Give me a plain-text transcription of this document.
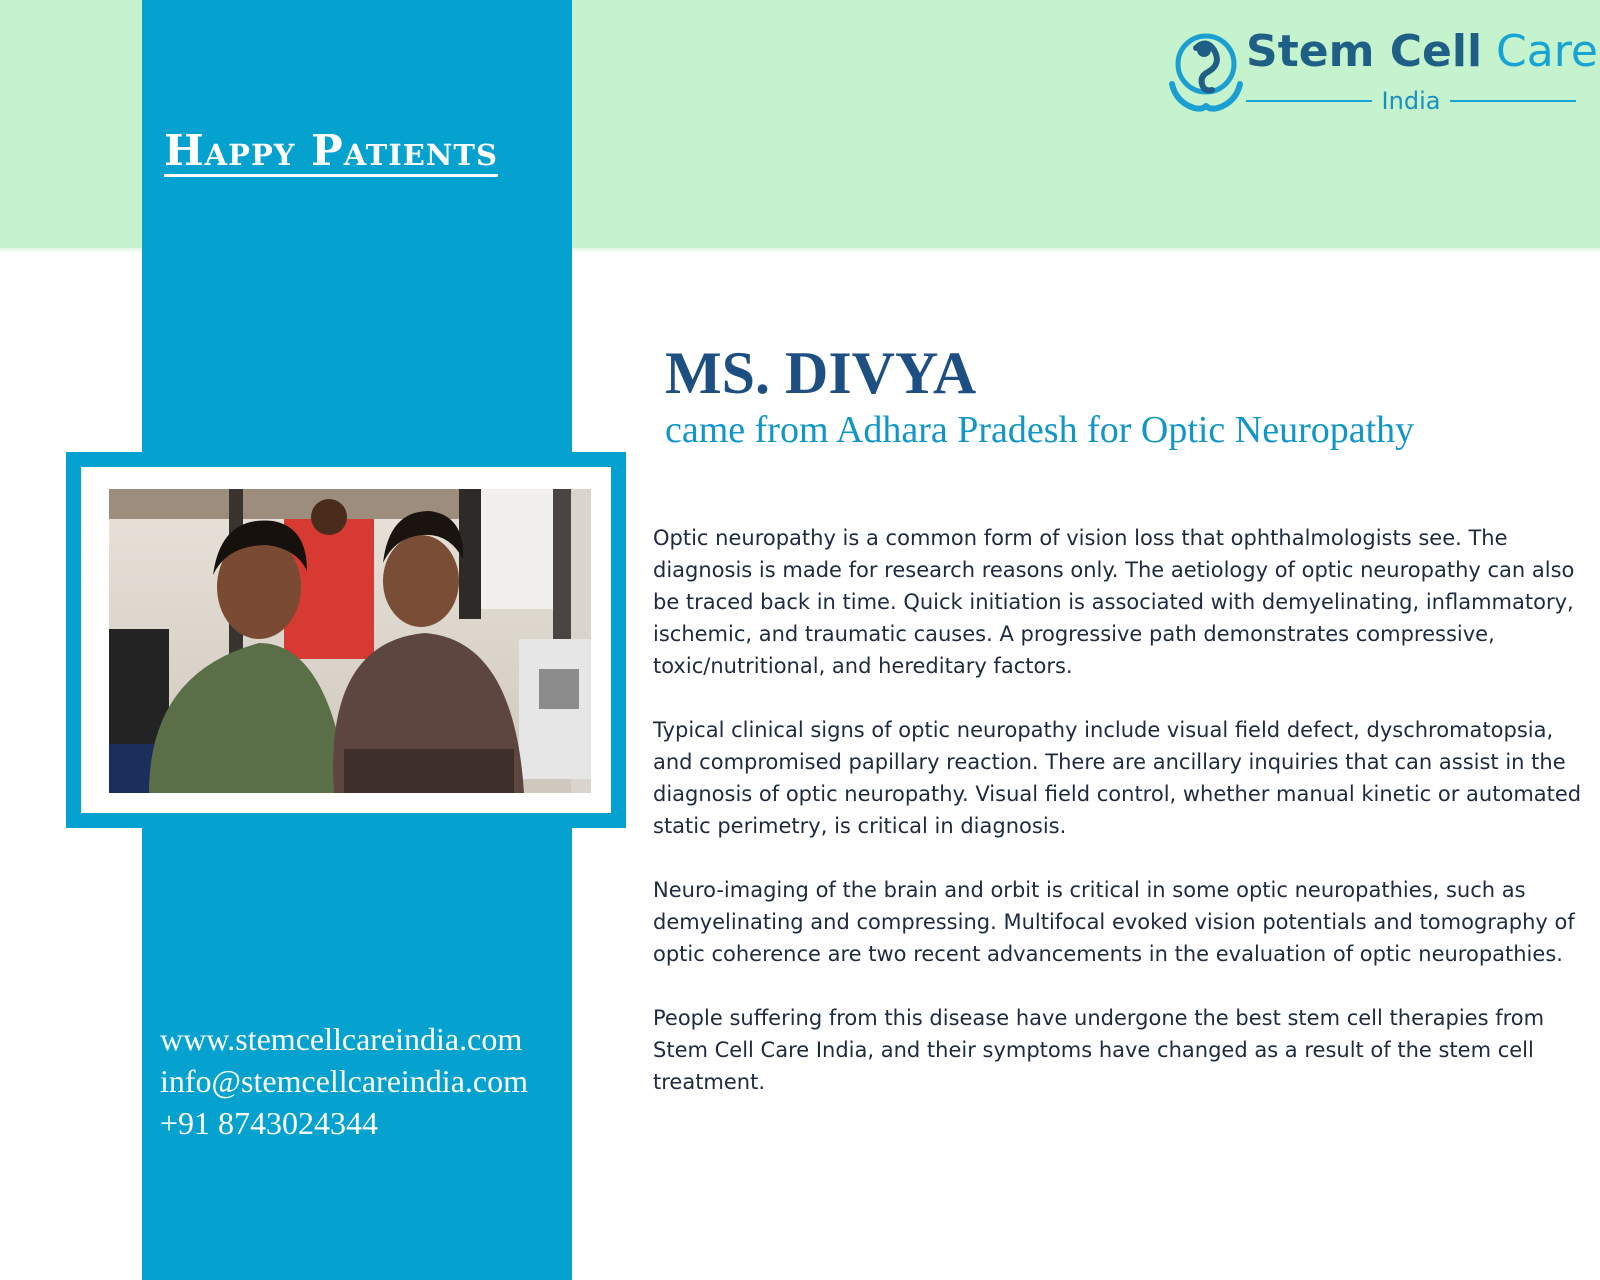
Happy Patients
Stem Cell Care
India
MS. DIVYA

came from Adhara Pradesh for Optic Neuropathy

Optic neuropathy is a common form of vision loss that ophthalmologists see. The diagnosis is made for research reasons only. The aetiology of optic neuropathy can also be traced back in time. Quick initiation is associated with demyelinating, inflammatory, ischemic, and traumatic causes. A progressive path demonstrates compressive, toxic/nutritional, and hereditary factors.

Typical clinical signs of optic neuropathy include visual field defect, dyschromatopsia, and compromised papillary reaction. There are ancillary inquiries that can assist in the diagnosis of optic neuropathy. Visual field control, whether manual kinetic or automated static perimetry, is critical in diagnosis.

Neuro-imaging of the brain and orbit is critical in some optic neuropathies, such as demyelinating and compressing. Multifocal evoked vision potentials and tomography of optic coherence are two recent advancements in the evaluation of optic neuropathies.

People suffering from this disease have undergone the best stem cell therapies from Stem Cell Care India, and their symptoms have changed as a result of the stem cell treatment.

www.stemcellcareindia.com
info@stemcellcareindia.com
+91 8743024344
